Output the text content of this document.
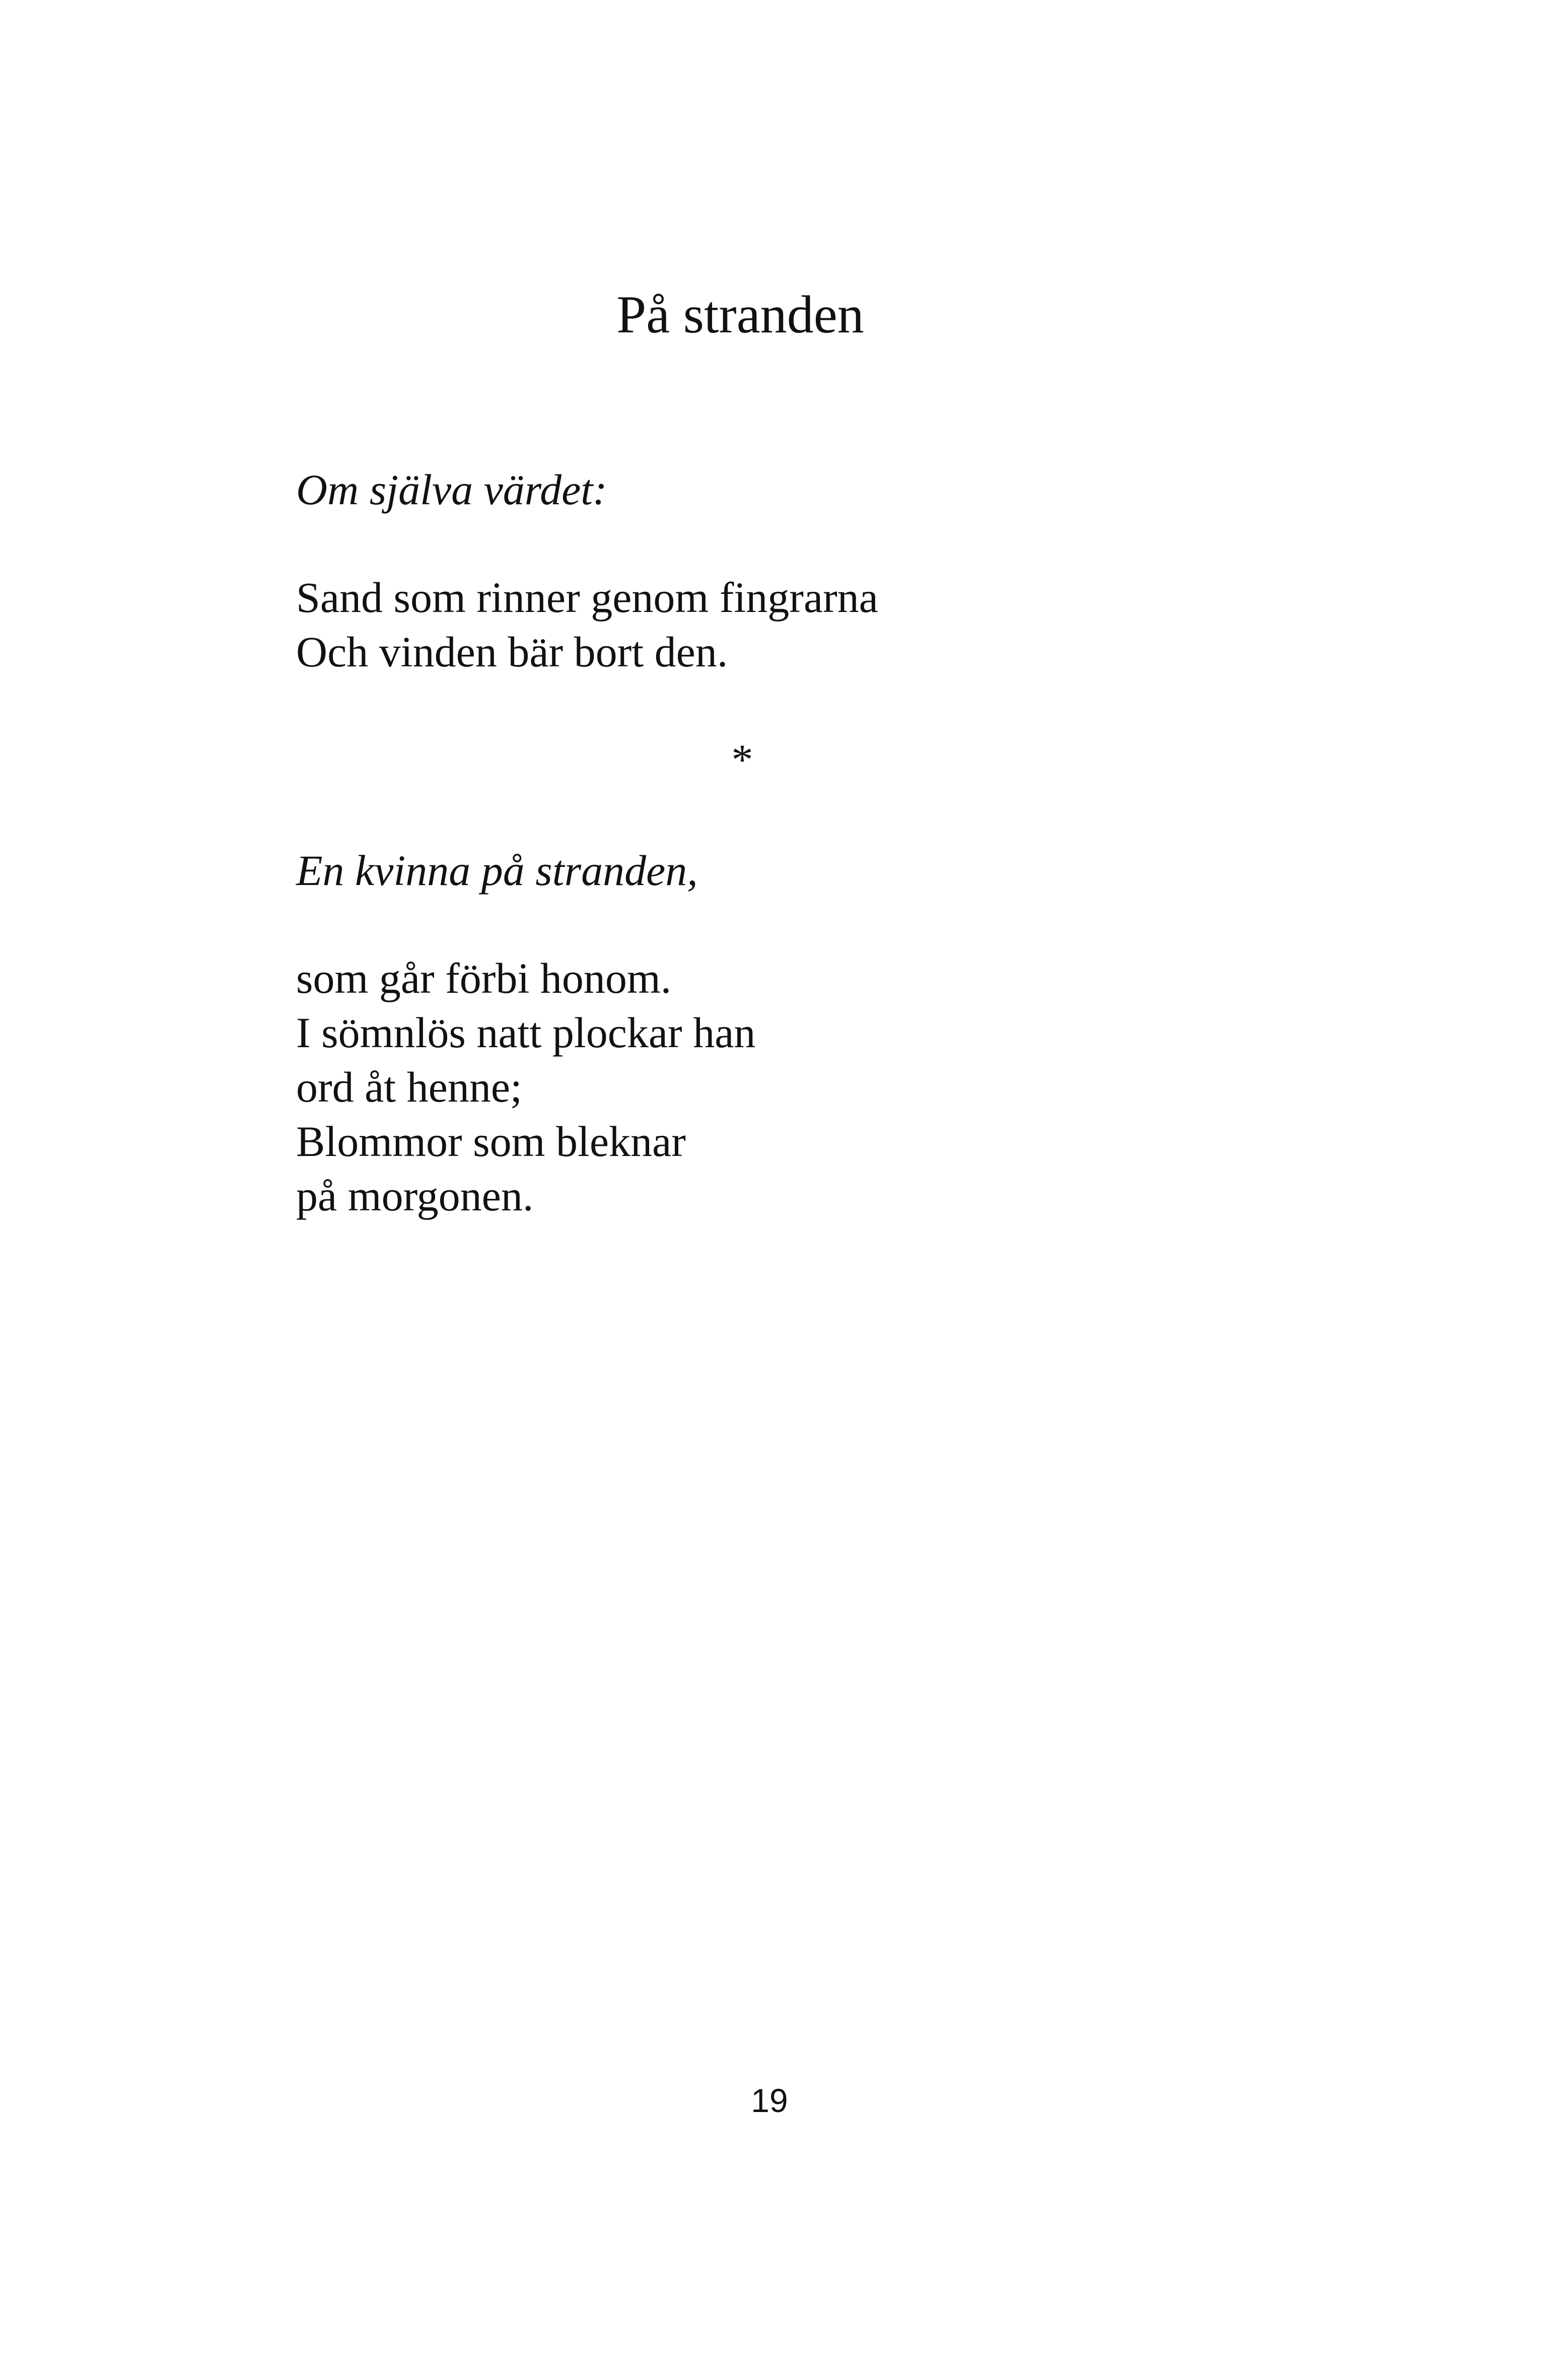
På stranden
Om själva värdet:
Sand som rinner genom fingrarna
Och vinden bär bort den.
*
En kvinna på stranden,
som går förbi honom.
I sömnlös natt plockar han
ord åt henne;
Blommor som bleknar
på morgonen.
19
